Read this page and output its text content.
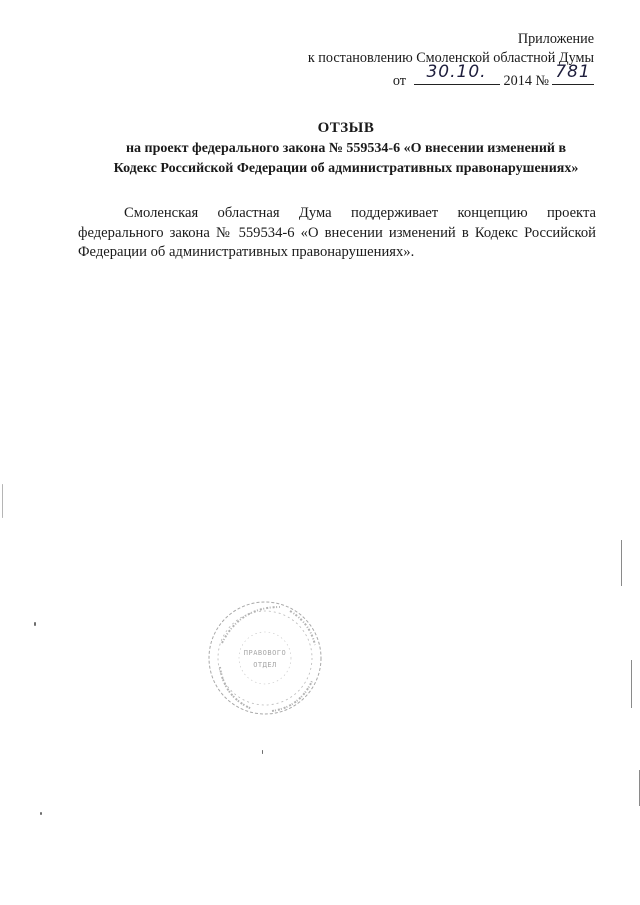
Приложение
к постановлению Смоленской областной Думы
от	30.10.	2014 № 781
ОТЗЫВ
на проект федерального закона № 559534-6 «О внесении изменений в
Кодекс Российской Федерации об административных правонарушениях»
Смоленская областная Дума поддерживает концепцию проекта федерального закона № 559534-6 «О внесении изменений в Кодекс Российской Федерации об административных правонарушениях».
ПРАВОВОГО
ОТДЕЛ
